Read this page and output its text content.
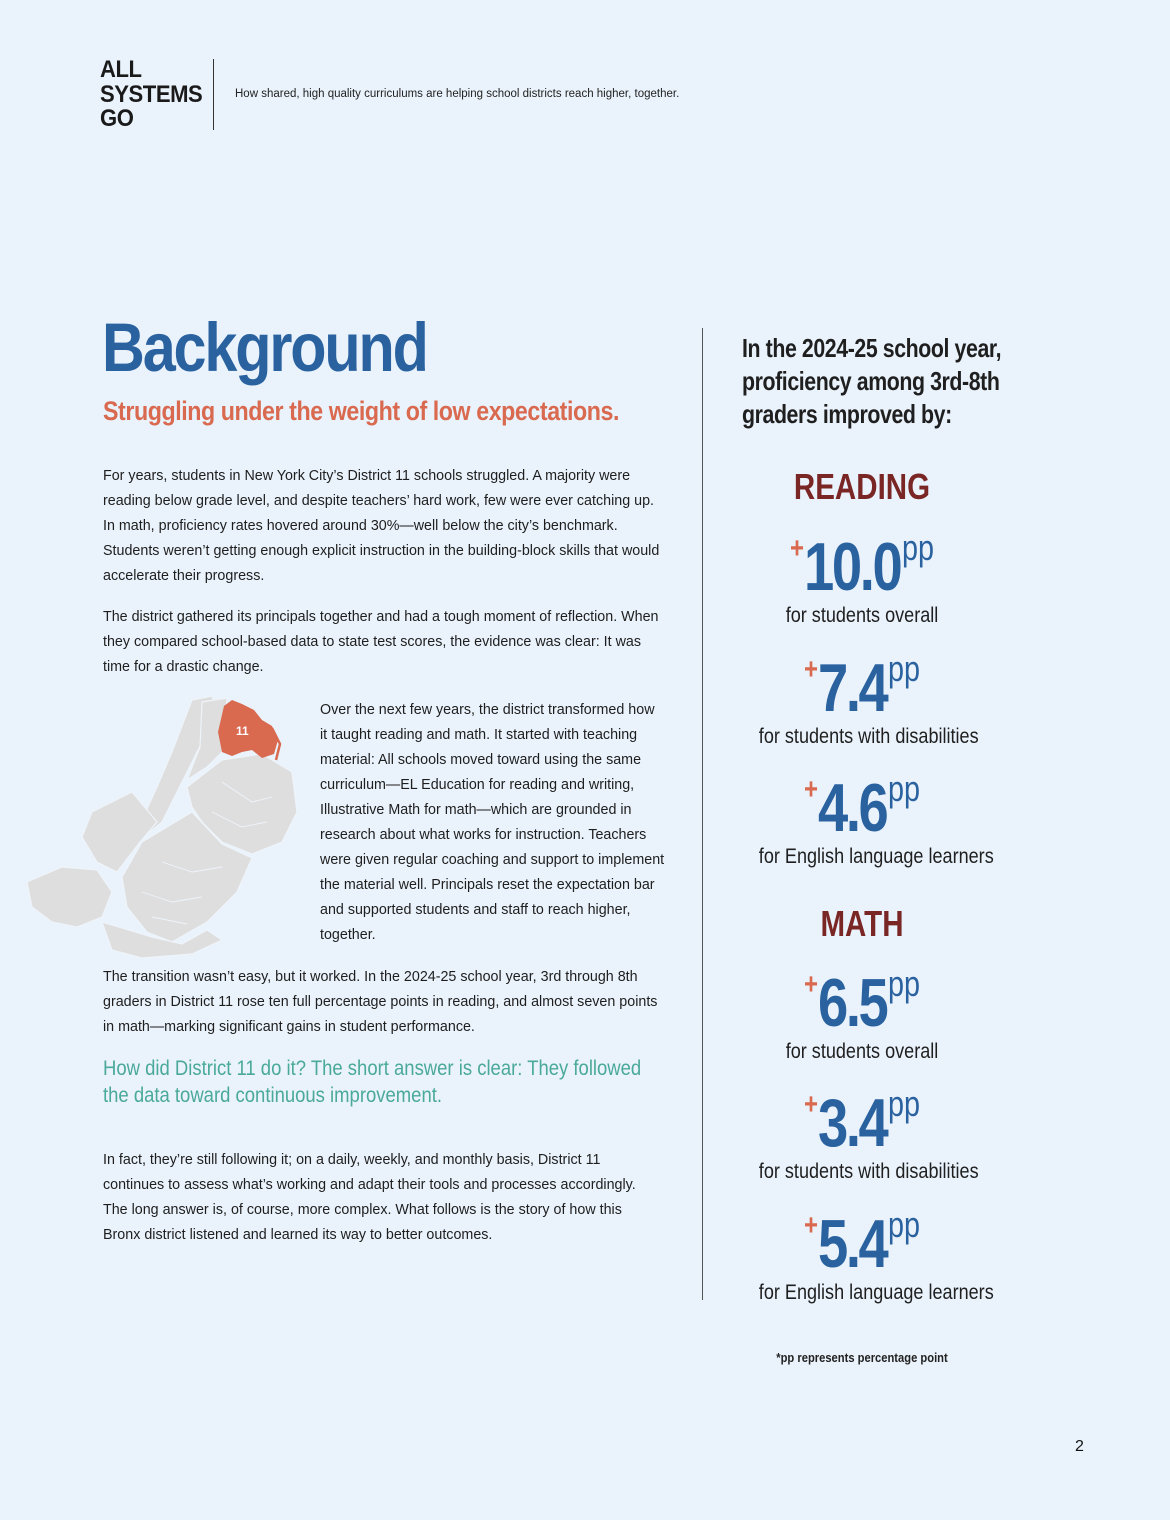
ALL
SYSTEMS
GO
How shared, high quality curriculums are helping school districts reach higher, together.
Background
Struggling under the weight of low expectations.

For years, students in New York City’s District 11 schools struggled. A majority were reading below grade level, and despite teachers’ hard work, few were ever catching up. In math, proficiency rates hovered around 30%—well below the city’s benchmark. Students weren’t getting enough explicit instruction in the building-block skills that would accelerate their progress.

The district gathered its principals together and had a tough moment of reflection. When they compared school-based data to state test scores, the evidence was clear: It was time for a drastic change.

11

Over the next few years, the district transformed how it taught reading and math. It started with teaching material: All schools moved toward using the same curriculum—EL Education for reading and writing, Illustrative Math for math—which are grounded in research about what works for instruction. Teachers were given regular coaching and support to implement the material well. Principals reset the expectation bar and supported students and staff to reach higher, together.

The transition wasn’t easy, but it worked. In the 2024-25 school year, 3rd through 8th graders in District 11 rose ten full percentage points in reading, and almost seven points in math—marking significant gains in student performance.

How did District 11 do it? The short answer is clear: They followed the data toward continuous improvement.

In fact, they’re still following it; on a daily, weekly, and monthly basis, District 11 continues to assess what’s working and adapt their tools and processes accordingly. The long answer is, of course, more complex. What follows is the story of how this Bronx district listened and learned its way to better outcomes.

In the 2024-25 school year, proficiency among 3rd-8th graders improved by:
READING
+10.0pp
for students overall
+7.4pp
for students with disabilities
+4.6pp
for English language learners
MATH
+6.5pp
for students overall
+3.4pp
for students with disabilities
+5.4pp
for English language learners
*pp represents percentage point
2
